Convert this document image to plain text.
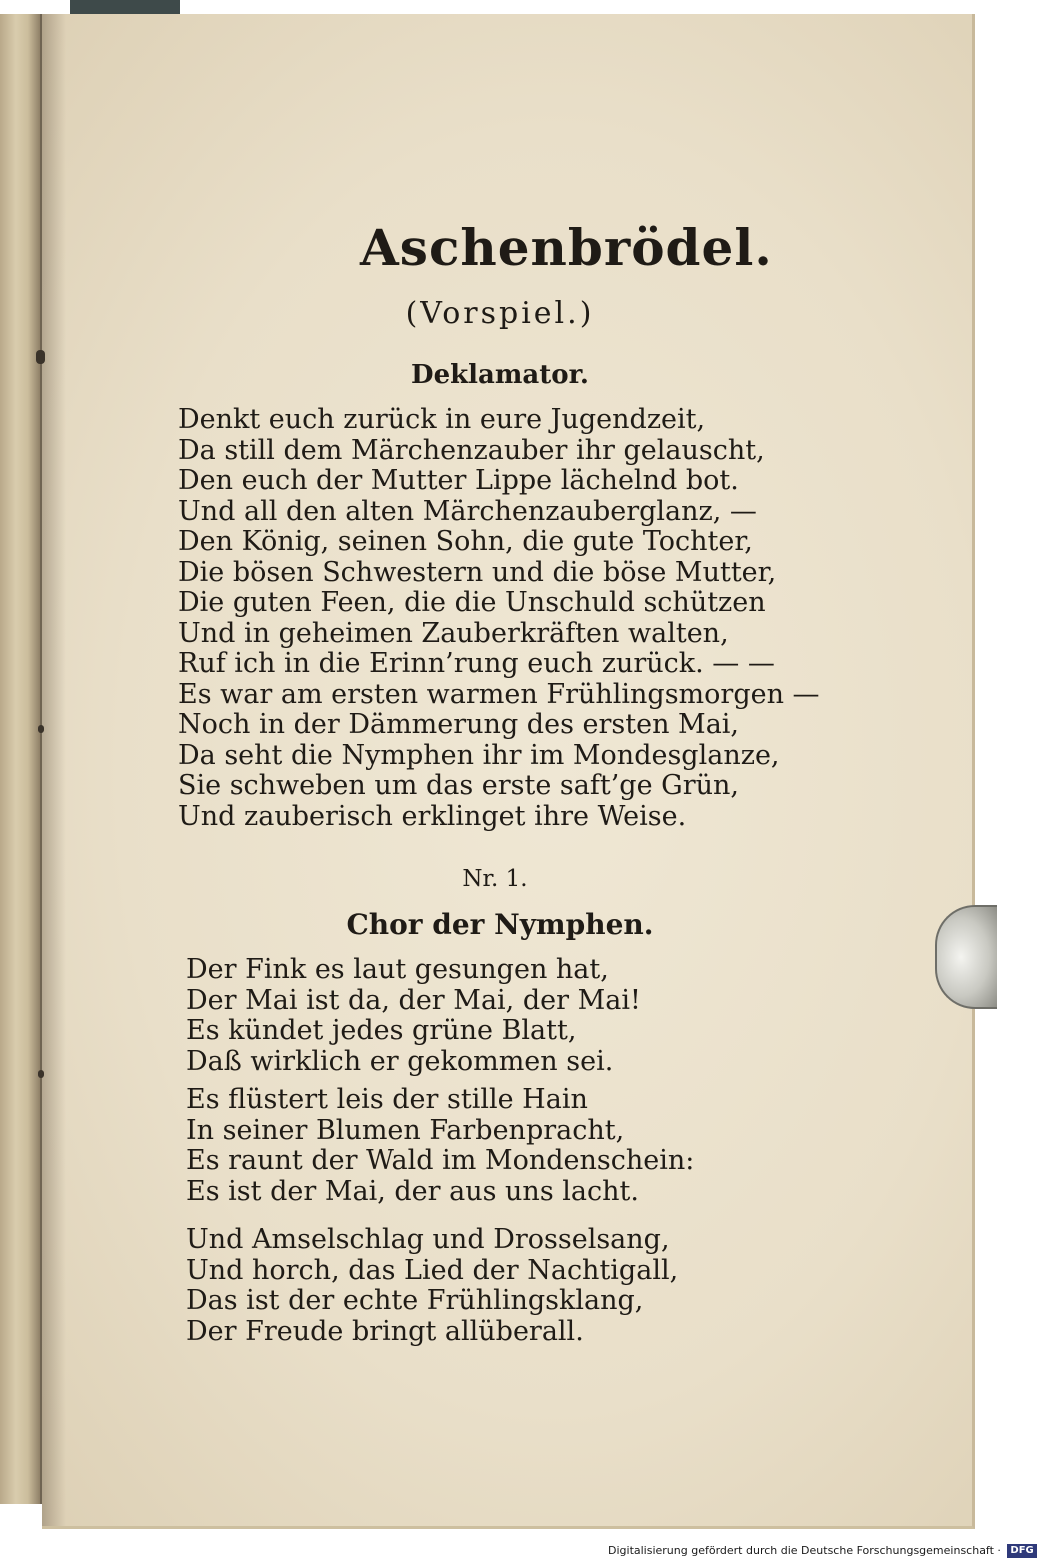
Aschenbrödel.
(Vorspiel.)
Deklamator.
Denkt euch zurück in eure Jugendzeit,
Da still dem Märchenzauber ihr gelauscht,
Den euch der Mutter Lippe lächelnd bot.
Und all den alten Märchenzauberglanz, —
Den König, seinen Sohn, die gute Tochter,
Die bösen Schwestern und die böse Mutter,
Die guten Feen, die die Unschuld schützen
Und in geheimen Zauberkräften walten,
Ruf ich in die Erinn’rung euch zurück. — —
Es war am ersten warmen Frühlingsmorgen —
Noch in der Dämmerung des ersten Mai,
Da seht die Nymphen ihr im Mondesglanze,
Sie schweben um das erste saft’ge Grün,
Und zauberisch erklinget ihre Weise.
Nr. 1.
Chor der Nymphen.
Der Fink es laut gesungen hat,
Der Mai ist da, der Mai, der Mai!
Es kündet jedes grüne Blatt,
Daß wirklich er gekommen sei.
Es flüstert leis der stille Hain
In seiner Blumen Farbenpracht,
Es raunt der Wald im Mondenschein:
Es ist der Mai, der aus uns lacht.
Und Amselschlag und Drosselsang,
Und horch, das Lied der Nachtigall,
Das ist der echte Frühlingsklang,
Der Freude bringt allüberall.
Digitalisierung gefördert durch die Deutsche Forschungsgemeinschaft · DFG
